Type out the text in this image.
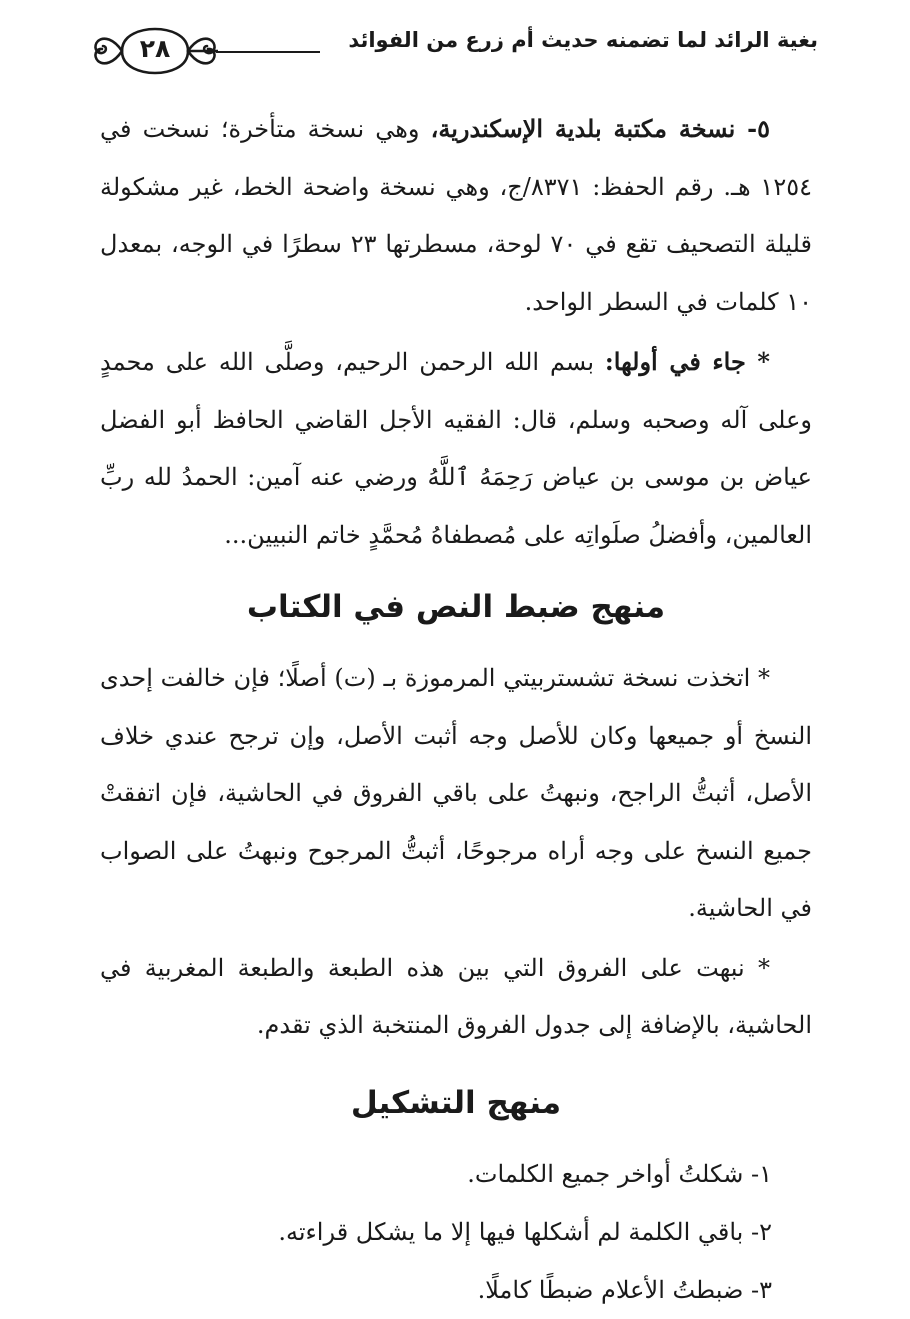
بغية الرائد لما تضمنه حديث أم زرع من الفوائد
٢٨

٥- نسخة مكتبة بلدية الإسكندرية، وهي نسخة متأخرة؛ نسخت في ١٢٥٤ هـ. رقم الحفظ: ٨٣٧١/ج، وهي نسخة واضحة الخط، غير مشكولة قليلة التصحيف تقع في ٧٠ لوحة، مسطرتها ٢٣ سطرًا في الوجه، بمعدل ١٠ كلمات في السطر الواحد.

* جاء في أولها: بسم الله الرحمن الرحيم، وصلَّى الله على محمدٍ وعلى آله وصحبه وسلم، قال: الفقيه الأجل القاضي الحافظ أبو الفضل عياض بن موسى بن عياض رَحِمَهُ ٱللَّهُ ورضي عنه آمين: الحمدُ لله ربِّ العالمين، وأفضلُ صلَواتِه على مُصطفاهُ مُحمَّدٍ خاتم النبيين...

منهج ضبط النص في الكتاب

* اتخذت نسخة تشستربيتي المرموزة بـ (ت) أصلًا؛ فإن خالفت إحدى النسخ أو جميعها وكان للأصل وجه أثبت الأصل، وإن ترجح عندي خلاف الأصل، أثبتُّ الراجح، ونبهتُ على باقي الفروق في الحاشية، فإن اتفقتْ جميع النسخ على وجه أراه مرجوحًا، أثبتُّ المرجوح ونبهتُ على الصواب في الحاشية.

* نبهت على الفروق التي بين هذه الطبعة والطبعة المغربية في الحاشية، بالإضافة إلى جدول الفروق المنتخبة الذي تقدم.

منهج التشكيل
١- شكلتُ أواخر جميع الكلمات.
٢- باقي الكلمة لم أشكلها فيها إلا ما يشكل قراءته.
٣- ضبطتُ الأعلام ضبطًا كاملًا.
